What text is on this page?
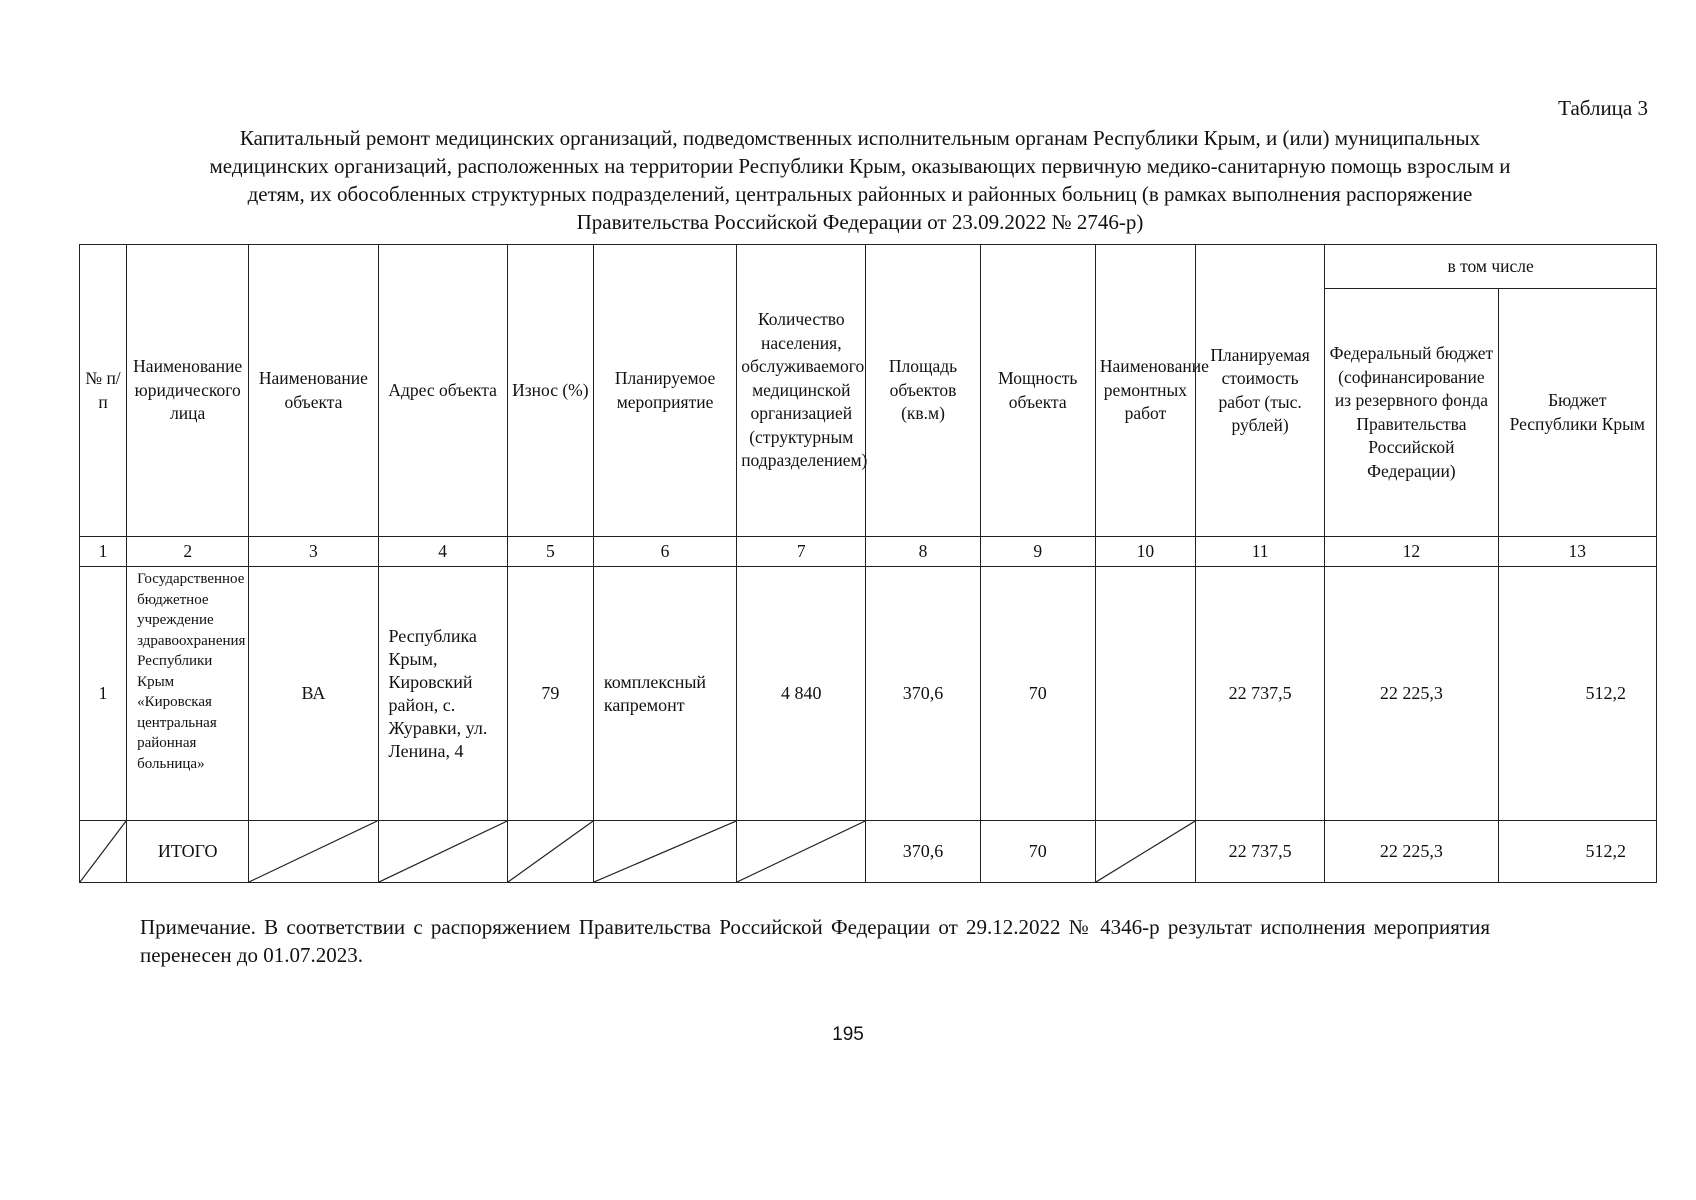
Таблица 3
Капитальный ремонт медицинских организаций, подведомственных исполнительным органам Республики Крым, и (или) муниципальных
медицинских организаций, расположенных на территории Республики Крым, оказывающих первичную медико-санитарную помощь взрослым и
детям, их обособленных структурных подразделений, центральных районных и районных больниц (в рамках выполнения распоряжение
Правительства Российской Федерации от 23.09.2022 № 2746-р)
№ п/п	Наименование юридического лица	Наименование объекта	Адрес объекта	Износ (%)	Планируемое мероприятие	Количество населения, обслуживаемого медицинской организацией (структурным подразделением)	Площадь объектов (кв.м)	Мощность объекта	Наименование ремонтных работ	Планируемая стоимость работ (тыс. рублей)	в том числе	
											Федеральный бюджет (софинансирование из резервного фонда Правительства Российской Федерации)	Бюджет Республики Крым
1	2	3	4	5	6	7	8	9	10	11	12	13
1	Государственное бюджетное учреждение здравоохранения Республики Крым «Кировская центральная районная больница»	ВА	Республика Крым, Кировский район, с. Журавки, ул. Ленина, 4	79	комплексный капремонт	4 840	370,6	70		22 737,5	22 225,3	512,2

	ИТОГО						370,6	70		22 737,5	22 225,3	512,2
Примечание. В соответствии с распоряжением Правительства Российской Федерации от 29.12.2022 № 4346-р результат исполнения мероприятия перенесен до 01.07.2023.
195
